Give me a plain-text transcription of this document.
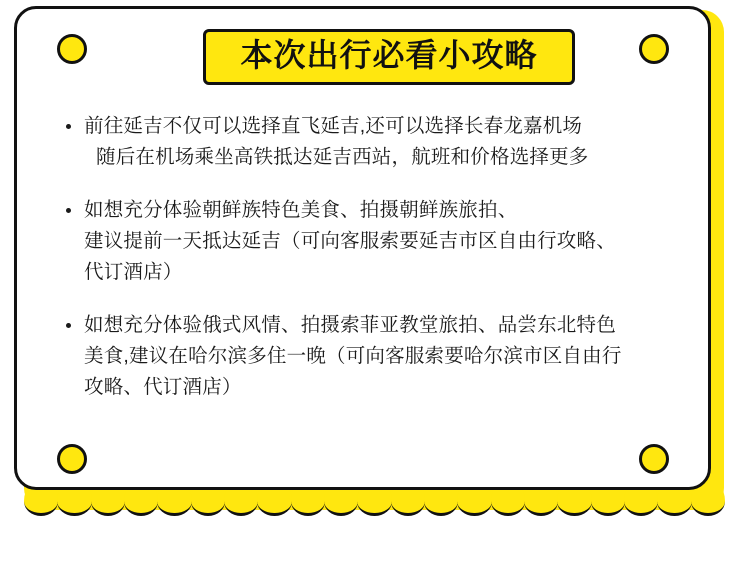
本次出行必看小攻略
前往延吉不仅可以选择直飞延吉,还可以选择长春龙嘉机场
随后在机场乘坐高铁抵达延吉西站，航班和价格选择更多
如想充分体验朝鲜族特色美食、拍摄朝鲜族旅拍、
建议提前一天抵达延吉（可向客服索要延吉市区自由行攻略、
代订酒店）
如想充分体验俄式风情、拍摄索菲亚教堂旅拍、品尝东北特色
美食,建议在哈尔滨多住一晚（可向客服索要哈尔滨市区自由行
攻略、代订酒店）
